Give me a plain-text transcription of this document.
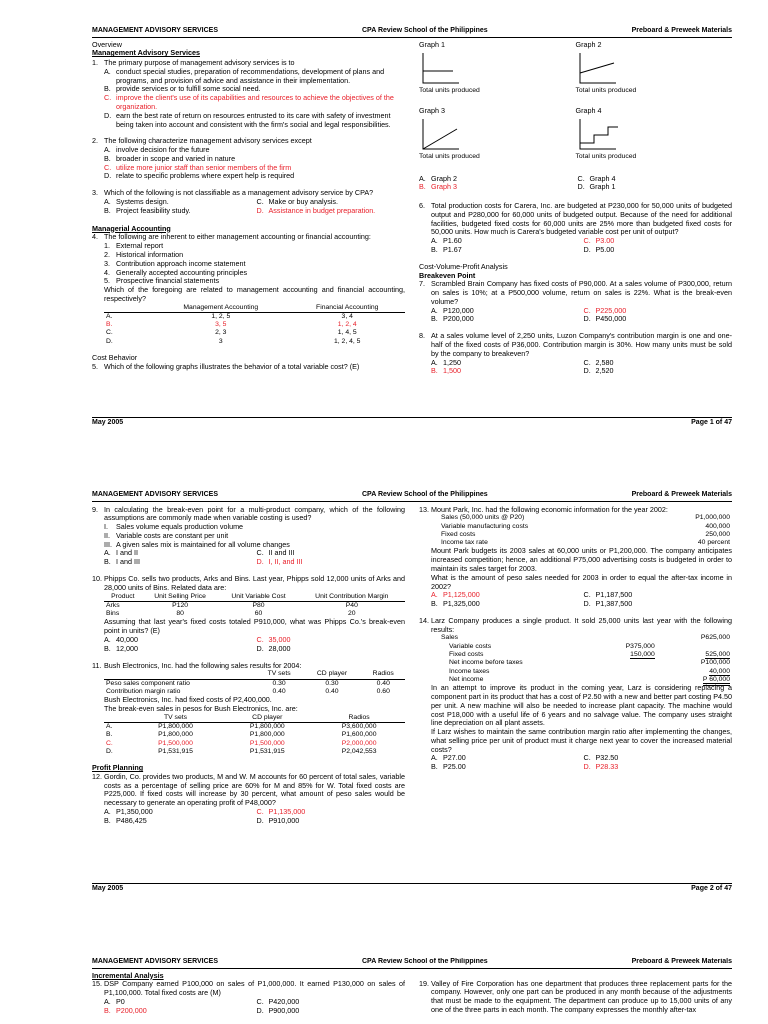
MANAGEMENT ADVISORY SERVICES	CPA Review School of the Philippines	Preboard & Preweek Materials
Overview
Management Advisory Services
1. The primary purpose of management advisory services is to
A. conduct special studies, preparation of recommendations, development of plans and programs, and provision of advice and assistance in their implementation.
B. provide services or to fulfill some social need.
C. improve the client's use of its capabilities and resources to achieve the objectives of the organization.
D. earn the best rate of return on resources entrusted to its care with safety of investment being taken into account and consistent with the firm's social and legal responsibilities.
2. The following characterize management advisory services except
A. involve decision for the future
B. broader in scope and varied in nature
C. utilize more junior staff than senior members of the firm
D. relate to specific problems where expert help is required
3. Which of the following is not classifiable as a management advisory service by CPA?
A. Systems design.	C. Make or buy analysis.
B. Project feasibility study.	D. Assistance in budget preparation.
Managerial Accounting
4. The following are inherent to either management accounting or financial accounting:
1. External report
2. Historical information
3. Contribution approach income statement
4. Generally accepted accounting principles
5. Prospective financial statements
Which of the foregoing are related to management accounting and financial accounting, respectively?
	Management Accounting	Financial Accounting
A.	1, 2, 5	3, 4
B.	3, 5	1, 2, 4
C.	2, 3	1, 4, 5
D.	3	1, 2, 4, 5
Cost Behavior
5. Which of the following graphs illustrates the behavior of a total variable cost? (E)
Graph 1
Total units produced
Graph 2
Total units produced
Graph 3
Total units produced
Graph 4
Total units produced
A. Graph 2	C. Graph 4
B. Graph 3	D. Graph 1
6. Total production costs for Carera, Inc. are budgeted at P230,000 for 50,000 units of budgeted output and P280,000 for 60,000 units of budgeted output. Because of the need for additional facilities, budgeted fixed costs for 60,000 units are 25% more than budgeted fixed costs for 50,000 units. How much is Carera's budgeted variable cost per unit of output?
A. P1.60	C. P3.00
B. P1.67	D. P5.00
Cost-Volume-Profit Analysis
Breakeven Point
7. Scrambled Brain Company has fixed costs of P90,000. At a sales volume of P300,000, return on sales is 10%; at a P500,000 volume, return on sales is 22%. What is the break-even volume?
A. P120,000	C. P225,000
B. P200,000	D. P450,000
8. At a sales volume level of 2,250 units, Luzon Company's contribution margin is one and one-half of the fixed costs of P36,000. Contribution margin is 30%. How many units must be sold by the company to breakeven?
A. 1,250	C. 2,580
B. 1,500	D. 2,520
May 2005	Page 1 of 47
MANAGEMENT ADVISORY SERVICES	CPA Review School of the Philippines	Preboard & Preweek Materials
9. In calculating the break-even point for a multi-product company, which of the following assumptions are commonly made when variable costing is used?
I.	Sales volume equals production volume
II. Variable costs are constant per unit
III. A given sales mix is maintained for all volume changes
A. I and II	C. II and III
B. I and III	D. I, II, and III
10. Phipps Co. sells two products, Arks and Bins. Last year, Phipps sold 12,000 units of Arks and 28,000 units of Bins. Related data are:
Product	Unit Selling Price	Unit Variable Cost	Unit Contribution Margin
Arks	P120	P80	P40
Bins	80	60	20
Assuming that last year's fixed costs totaled P910,000, what was Phipps Co.'s break-even point in units? (E)
A. 40,000	C. 35,000
B. 12,000	D. 28,000
11. Bush Electronics, Inc. had the following sales results for 2004:
	TV sets	CD player	Radios
Peso sales component ratio	0.30	0.30	0.40
Contribution margin ratio	0.40	0.40	0.60
Bush Electronics, Inc. had fixed costs of P2,400,000.
The break-even sales in pesos for Bush Electronics, Inc. are:
	TV sets	CD player	Radios
A.	P1,800,000	P1,800,000	P3,600,000
B.	P1,800,000	P1,800,000	P1,600,000
C.	P1,500,000	P1,500,000	P2,000,000
D.	P1,531,915	P1,531,915	P2,042,553
Profit Planning
12. Gordin, Co. provides two products, M and W. M accounts for 60 percent of total sales, variable costs as a percentage of selling price are 60% for M and 85% for W. Total fixed costs are P225,000. If fixed costs will increase by 30 percent, what amount of peso sales would be necessary to generate an operating profit of P48,000?
A. P1,350,000	C. P1,135,000
B. P486,425	D. P910,000
13. Mount Park, Inc. had the following economic information for the year 2002:
Sales (50,000 units @ P20)	P1,000,000
Variable manufacturing costs	400,000
Fixed costs	250,000
Income tax rate	40 percent
Mount Park budgets its 2003 sales at 60,000 units or P1,200,000. The company anticipates increased competition; hence, an additional P75,000 advertising costs is budgeted in order to maintain its sales target for 2003.
What is the amount of peso sales needed for 2003 in order to equal the after-tax income in 2002?
A. P1,125,000	C. P1,187,500
B. P1,325,000	D. P1,387,500
14. Larz Company produces a single product. It sold 25,000 units last year with the following results:
Sales		P625,000
Variable costs	P375,000	
Fixed costs	150,000	525,000
Net income before taxes		P100,000
Income taxes		40,000
Net income		P 60,000
In an attempt to improve its product in the coming year, Larz is considering replacing a component part in its product that has a cost of P2.50 with a new and better part costing P4.50 per unit. A new machine will also be needed to increase plant capacity. The machine would cost P18,000 with a useful life of 6 years and no salvage value. The company uses straight line depreciation on all plant assets.
If Larz wishes to maintain the same contribution margin ratio after implementing the changes, what selling price per unit of product must it charge next year to cover the increased material costs?
A. P27.00	C. P32.50
B. P25.00	D. P28.33
May 2005	Page 2 of 47
MANAGEMENT ADVISORY SERVICES	CPA Review School of the Philippines	Preboard & Preweek Materials
Incremental Analysis
15. DSP Company earned P100,000 on sales of P1,000,000. It earned P130,000 on sales of P1,100,000. Total fixed costs are (M)
A. P0	C. P420,000
B. P200,000	D. P900,000
19. Valley of Fire Corporation has one department that produces three replacement parts for the company. However, only one part can be produced in any month because of the adjustments that must be made to the equipment. The department can produce up to 15,000 units of any one of the three parts in each month. The company expresses the monthly after-tax
